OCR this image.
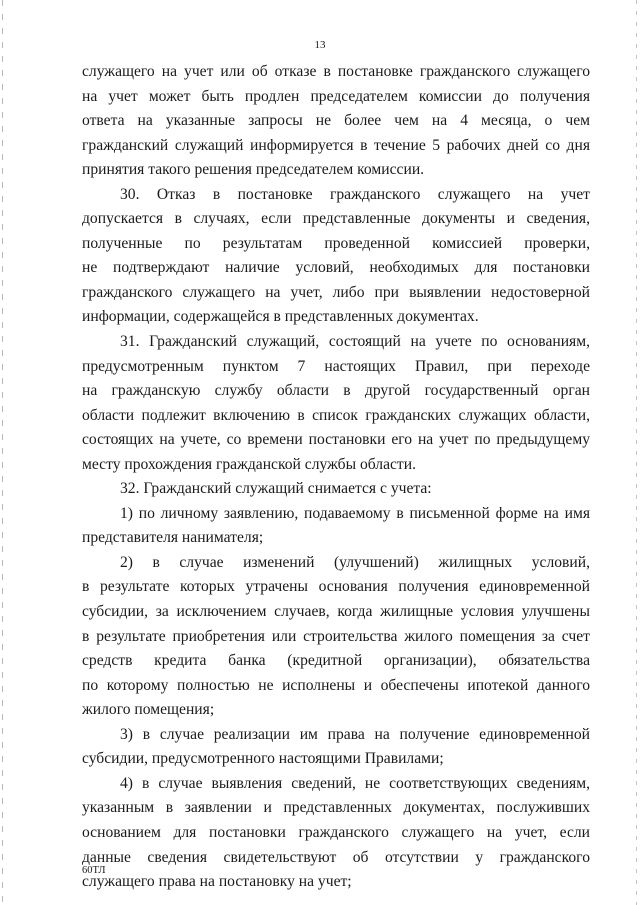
13
служащего на учет или об отказе в постановке гражданского служащего
на учет может быть продлен председателем комиссии до получения
ответа на указанные запросы не более чем на 4 месяца, о чем
гражданский служащий информируется в течение 5 рабочих дней со дня
принятия такого решения председателем комиссии.
30. Отказ в постановке гражданского служащего на учет
допускается в случаях, если представленные документы и сведения,
полученные по результатам проведенной комиссией проверки,
не подтверждают наличие условий, необходимых для постановки
гражданского служащего на учет, либо при выявлении недостоверной
информации, содержащейся в представленных документах.
31. Гражданский служащий, состоящий на учете по основаниям,
предусмотренным пунктом 7 настоящих Правил, при переходе
на гражданскую службу области в другой государственный орган
области подлежит включению в список гражданских служащих области,
состоящих на учете, со времени постановки его на учет по предыдущему
месту прохождения гражданской службы области.
32. Гражданский служащий снимается с учета:
1) по личному заявлению, подаваемому в письменной форме на имя
представителя нанимателя;
2) в случае изменений (улучшений) жилищных условий,
в результате которых утрачены основания получения единовременной
субсидии, за исключением случаев, когда жилищные условия улучшены
в результате приобретения или строительства жилого помещения за счет
средств кредита банка (кредитной организации), обязательства
по которому полностью не исполнены и обеспечены ипотекой данного
жилого помещения;
3) в случае реализации им права на получение единовременной
субсидии, предусмотренного настоящими Правилами;
4) в случае выявления сведений, не соответствующих сведениям,
указанным в заявлении и представленных документах, послуживших
основанием для постановки гражданского служащего на учет, если
данные сведения свидетельствуют об отсутствии у гражданского
служащего права на постановку на учет;
60ТЛ
